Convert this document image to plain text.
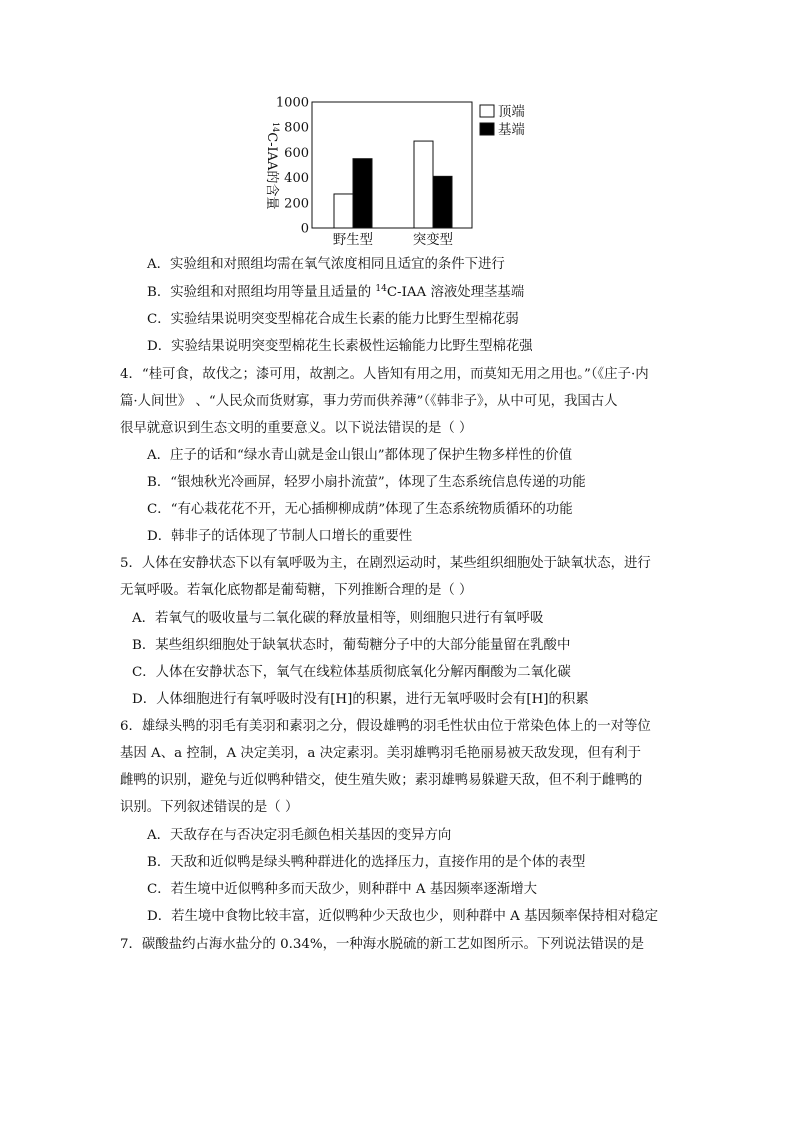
1000
800
600
400
200
0
$^{14}$C-IAA的含量
野生型	突变型
顶端
基端
A．实验组和对照组均需在氧气浓度相同且适宜的条件下进行
B．实验组和对照组均用等量且适量的 $^{14}$C-IAA 溶液处理茎基端
C．实验结果说明突变型棉花合成生长素的能力比野生型棉花弱
D．实验结果说明突变型棉花生长素极性运输能力比野生型棉花强
4．“桂可食，故伐之；漆可用，故割之。人皆知有用之用，而莫知无用之用也。”（《庄子·内
篇·人间世》 、“人民众而货财寡，事力劳而供养薄”（《韩非子》，从中可见，我国古人
很早就意识到生态文明的重要意义。以下说法错误的是（ ）
A．庄子的话和“绿水青山就是金山银山”都体现了保护生物多样性的价值
B．“银烛秋光冷画屏，轻罗小扇扑流萤”，体现了生态系统信息传递的功能
C．“有心栽花花不开，无心插柳柳成荫”体现了生态系统物质循环的功能
D．韩非子的话体现了节制人口增长的重要性
5．人体在安静状态下以有氧呼吸为主，在剧烈运动时，某些组织细胞处于缺氧状态，进行
无氧呼吸。若氧化底物都是葡萄糖，下列推断合理的是（ ）
A．若氧气的吸收量与二氧化碳的释放量相等，则细胞只进行有氧呼吸
B．某些组织细胞处于缺氧状态时，葡萄糖分子中的大部分能量留在乳酸中
C．人体在安静状态下，氧气在线粒体基质彻底氧化分解丙酮酸为二氧化碳
D．人体细胞进行有氧呼吸时没有[H]的积累，进行无氧呼吸时会有[H]的积累
6．雄绿头鸭的羽毛有美羽和素羽之分，假设雄鸭的羽毛性状由位于常染色体上的一对等位
基因 A、a 控制，A 决定美羽，a 决定素羽。美羽雄鸭羽毛艳丽易被天敌发现，但有利于
雌鸭的识别，避免与近似鸭种错交，使生殖失败；素羽雄鸭易躲避天敌，但不利于雌鸭的
识别。下列叙述错误的是（ ）
A．天敌存在与否决定羽毛颜色相关基因的变异方向
B．天敌和近似鸭是绿头鸭种群进化的选择压力，直接作用的是个体的表型
C．若生境中近似鸭种多而天敌少，则种群中 A 基因频率逐渐增大
D．若生境中食物比较丰富，近似鸭种少天敌也少，则种群中 A 基因频率保持相对稳定
7．碳酸盐约占海水盐分的 0.34%，一种海水脱硫的新工艺如图所示。下列说法错误的是
